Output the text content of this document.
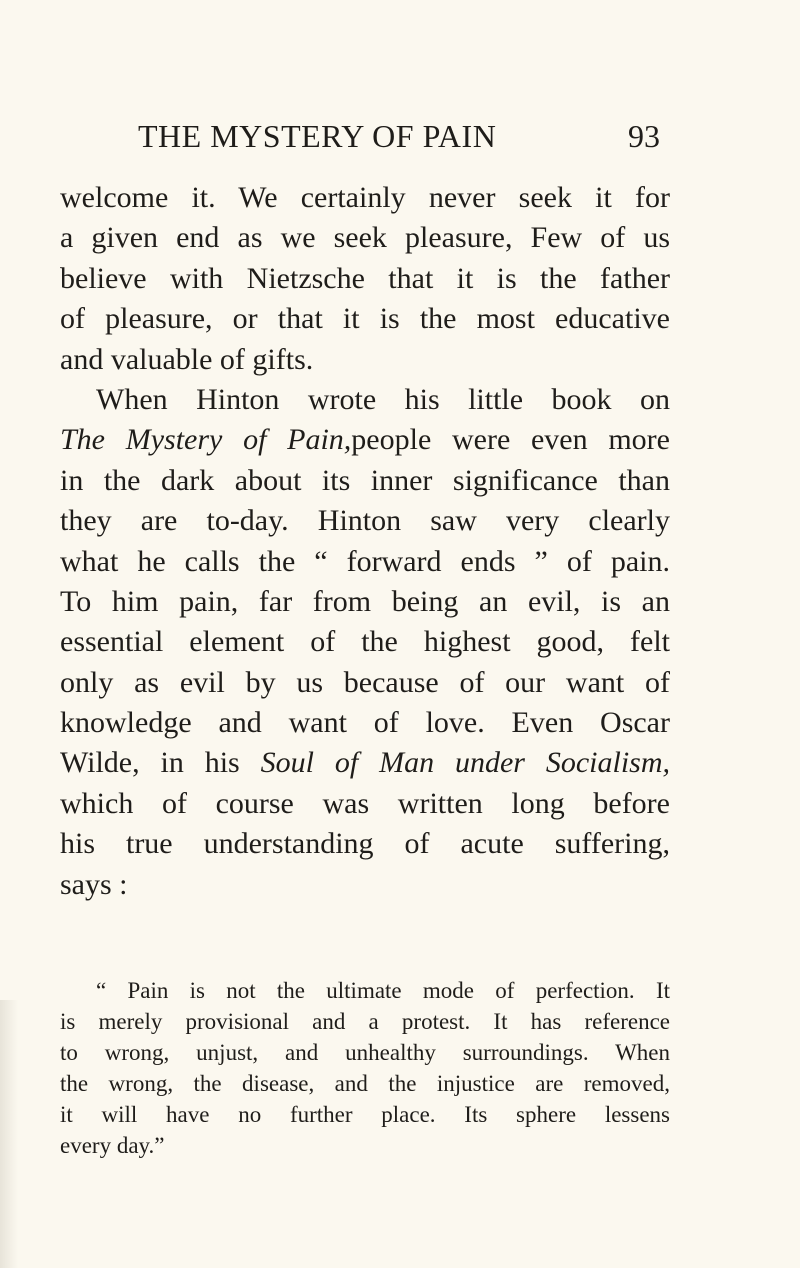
THE MYSTERY OF PAIN	93
welcome it. We certainly never seek it for
a given end as we seek pleasure, Few of us
believe with Nietzsche that it is the father
of pleasure, or that it is the most educative
and valuable of gifts.
When Hinton wrote his little book on
The Mystery of Pain,people were even more
in the dark about its inner significance than
they are to-day. Hinton saw very clearly
what he calls the “ forward ends ” of pain.
To him pain, far from being an evil, is an
essential element of the highest good, felt
only as evil by us because of our want of
knowledge and want of love. Even Oscar
Wilde, in his Soul of Man under Socialism,
which of course was written long before
his true understanding of acute suffering,
says :
“ Pain is not the ultimate mode of perfection. It
is merely provisional and a protest. It has reference
to wrong, unjust, and unhealthy surroundings. When
the wrong, the disease, and the injustice are removed,
it will have no further place. Its sphere lessens
every day.”
